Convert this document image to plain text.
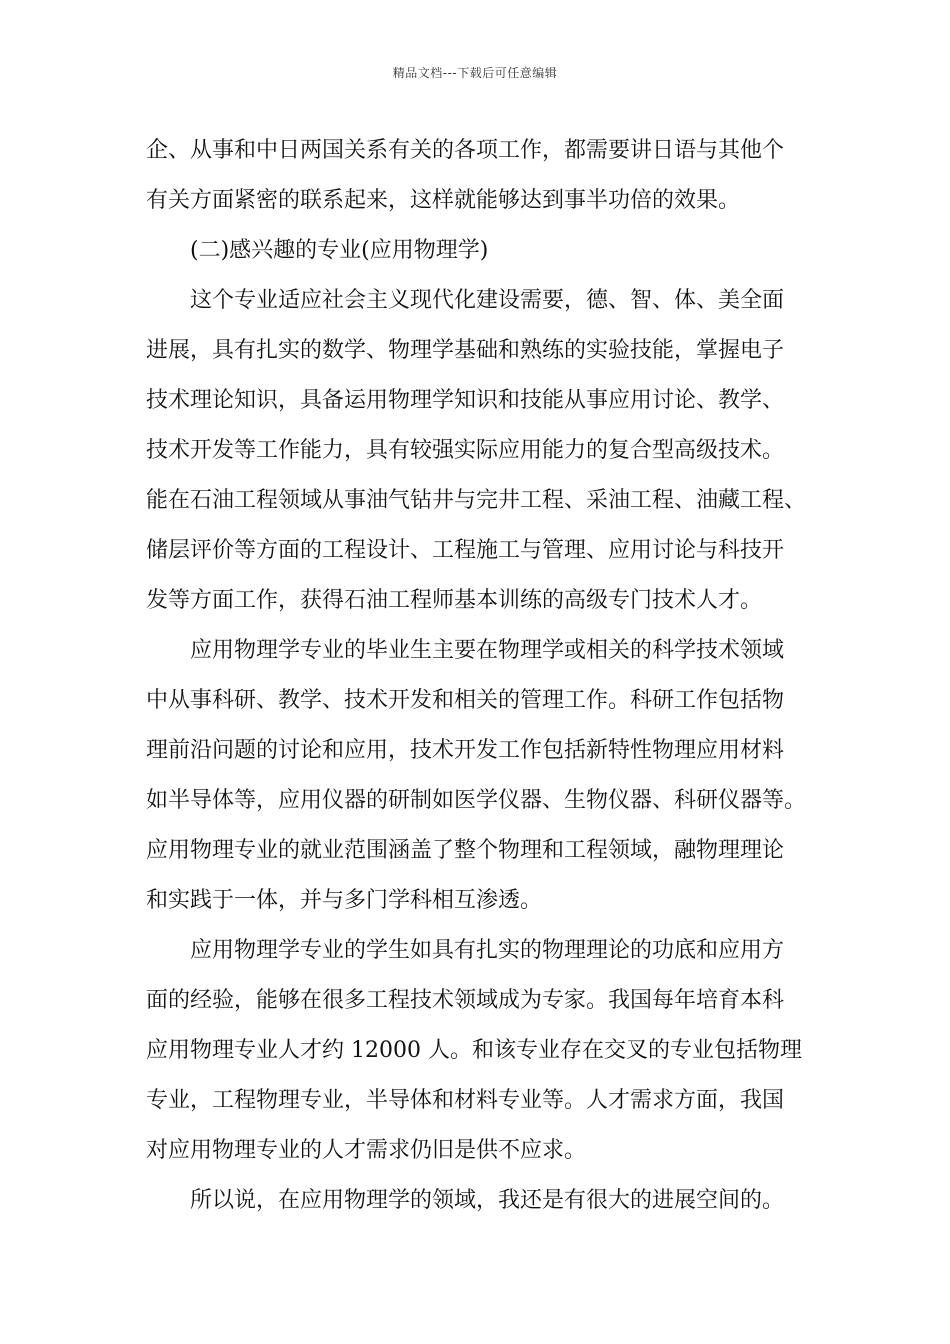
精品文档---下载后可任意编辑
企、从事和中日两国关系有关的各项工作，都需要讲日语与其他个
有关方面紧密的联系起来，这样就能够达到事半功倍的效果。
(二)感兴趣的专业(应用物理学)
这个专业适应社会主义现代化建设需要，德、智、体、美全面
进展，具有扎实的数学、物理学基础和熟练的实验技能，掌握电子
技术理论知识，具备运用物理学知识和技能从事应用讨论、教学、
技术开发等工作能力，具有较强实际应用能力的复合型高级技术。
能在石油工程领域从事油气钻井与完井工程、采油工程、油藏工程、
储层评价等方面的工程设计、工程施工与管理、应用讨论与科技开
发等方面工作，获得石油工程师基本训练的高级专门技术人才。
应用物理学专业的毕业生主要在物理学或相关的科学技术领域
中从事科研、教学、技术开发和相关的管理工作。科研工作包括物
理前沿问题的讨论和应用，技术开发工作包括新特性物理应用材料
如半导体等，应用仪器的研制如医学仪器、生物仪器、科研仪器等。
应用物理专业的就业范围涵盖了整个物理和工程领域，融物理理论
和实践于一体，并与多门学科相互渗透。
应用物理学专业的学生如具有扎实的物理理论的功底和应用方
面的经验，能够在很多工程技术领域成为专家。我国每年培育本科
应用物理专业人才约 12000 人。和该专业存在交叉的专业包括物理
专业，工程物理专业，半导体和材料专业等。人才需求方面，我国
对应用物理专业的人才需求仍旧是供不应求。
所以说，在应用物理学的领域，我还是有很大的进展空间的。
